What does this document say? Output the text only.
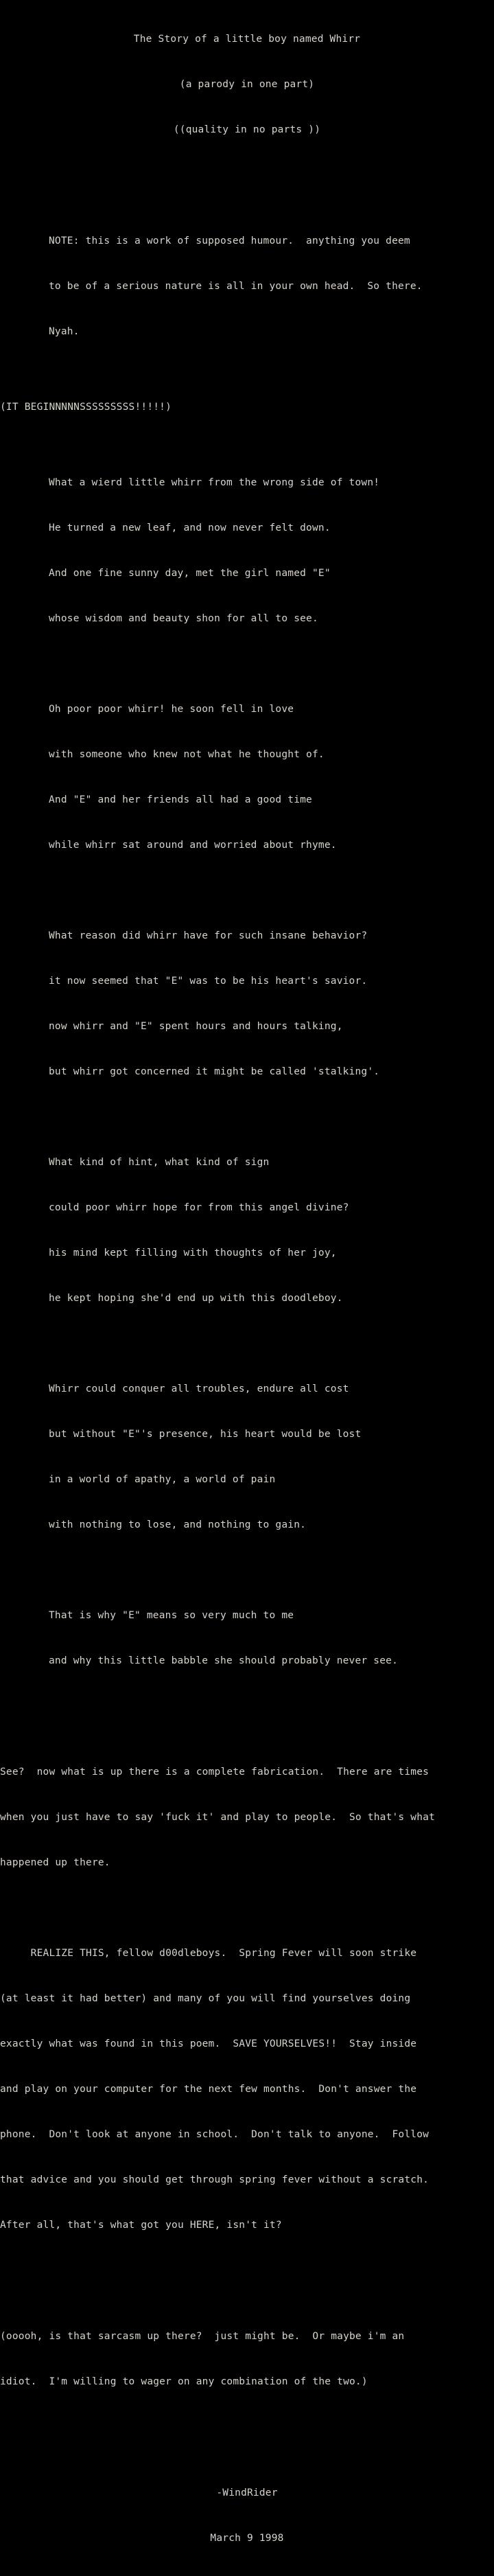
The Story of a little boy named Whirr

(a parody in one part)

((quality in no parts ))

NOTE: this is a work of supposed humour.  anything you deem

to be of a serious nature is all in your own head.  So there.

Nyah.

(IT BEGINNNNNSSSSSSSSS!!!!!)

What a wierd little whirr from the wrong side of town!

He turned a new leaf, and now never felt down.

And one fine sunny day, met the girl named "E"

whose wisdom and beauty shon for all to see.

Oh poor poor whirr! he soon fell in love

with someone who knew not what he thought of.

And "E" and her friends all had a good time

while whirr sat around and worried about rhyme.

What reason did whirr have for such insane behavior?

it now seemed that "E" was to be his heart's savior.

now whirr and "E" spent hours and hours talking,

but whirr got concerned it might be called 'stalking'.

What kind of hint, what kind of sign

could poor whirr hope for from this angel divine?

his mind kept filling with thoughts of her joy,

he kept hoping she'd end up with this doodleboy.

Whirr could conquer all troubles, endure all cost

but without "E"'s presence, his heart would be lost

in a world of apathy, a world of pain

with nothing to lose, and nothing to gain.

That is why "E" means so very much to me

and why this little babble she should probably never see.

See?  now what is up there is a complete fabrication.  There are times

when you just have to say 'fuck it' and play to people.  So that's what

happened up there.

REALIZE THIS, fellow d00dleboys.  Spring Fever will soon strike

(at least it had better) and many of you will find yourselves doing

exactly what was found in this poem.  SAVE YOURSELVES!!  Stay inside

and play on your computer for the next few months.  Don't answer the

phone.  Don't look at anyone in school.  Don't talk to anyone.  Follow

that advice and you should get through spring fever without a scratch.

After all, that's what got you HERE, isn't it?

(ooooh, is that sarcasm up there?  just might be.  Or maybe i'm an

idiot.  I'm willing to wager on any combination of the two.)

-WindRider

March 9 1998
